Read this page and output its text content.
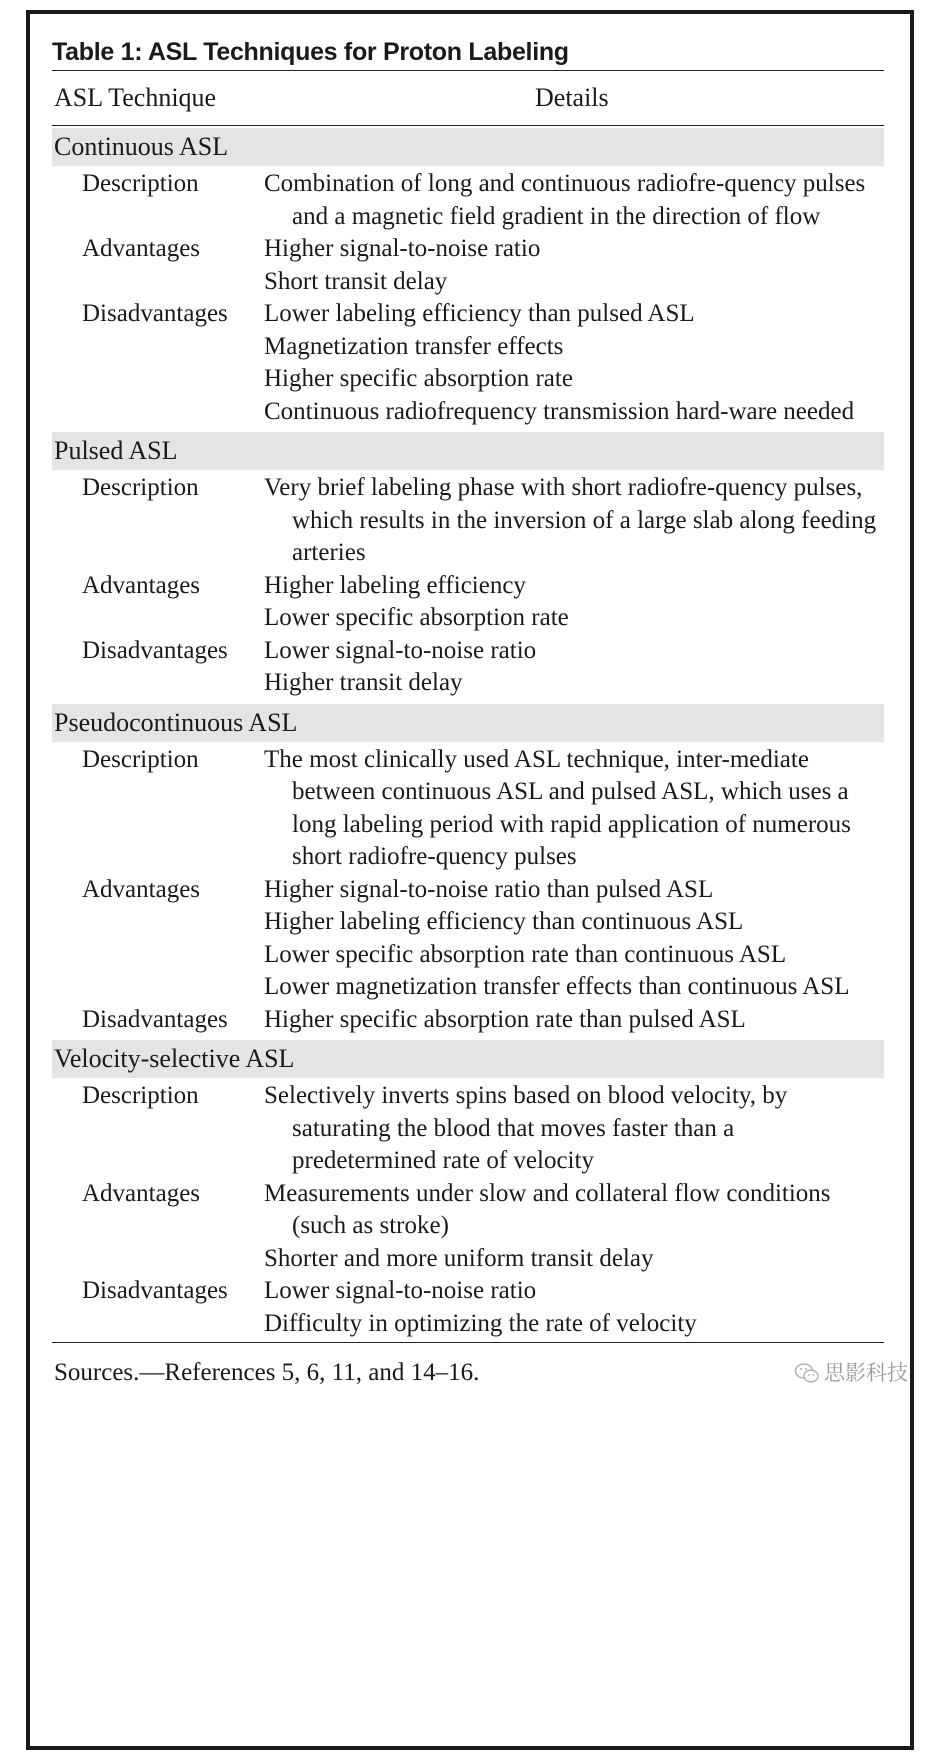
Table 1: ASL Techniques for Proton Labeling
ASL Technique	Details
Continuous ASL
Description	Combination of long and continuous radiofre-quency pulses and a magnetic field gradient in the direction of flow
Advantages	Higher signal-to-noise ratio
Short transit delay
Disadvantages	Lower labeling efficiency than pulsed ASL
Magnetization transfer effects
Higher specific absorption rate
Continuous radiofrequency transmission hard-ware needed
Pulsed ASL
Description	Very brief labeling phase with short radiofre-quency pulses, which results in the inversion of a large slab along feeding arteries
Advantages	Higher labeling efficiency
Lower specific absorption rate
Disadvantages	Lower signal-to-noise ratio
Higher transit delay
Pseudocontinuous ASL
Description	The most clinically used ASL technique, inter-mediate between continuous ASL and pulsed ASL, which uses a long labeling period with rapid application of numerous short radiofre-quency pulses
Advantages	Higher signal-to-noise ratio than pulsed ASL
Higher labeling efficiency than continuous ASL
Lower specific absorption rate than continuous ASL
Lower magnetization transfer effects than continuous ASL
Disadvantages	Higher specific absorption rate than pulsed ASL
Velocity-selective ASL
Description	Selectively inverts spins based on blood velocity, by saturating the blood that moves faster than a predetermined rate of velocity
Advantages	Measurements under slow and collateral flow conditions (such as stroke)
Shorter and more uniform transit delay
Disadvantages	Lower signal-to-noise ratio
Difficulty in optimizing the rate of velocity
Sources.—References 5, 6, 11, and 14–16.	思影科技
